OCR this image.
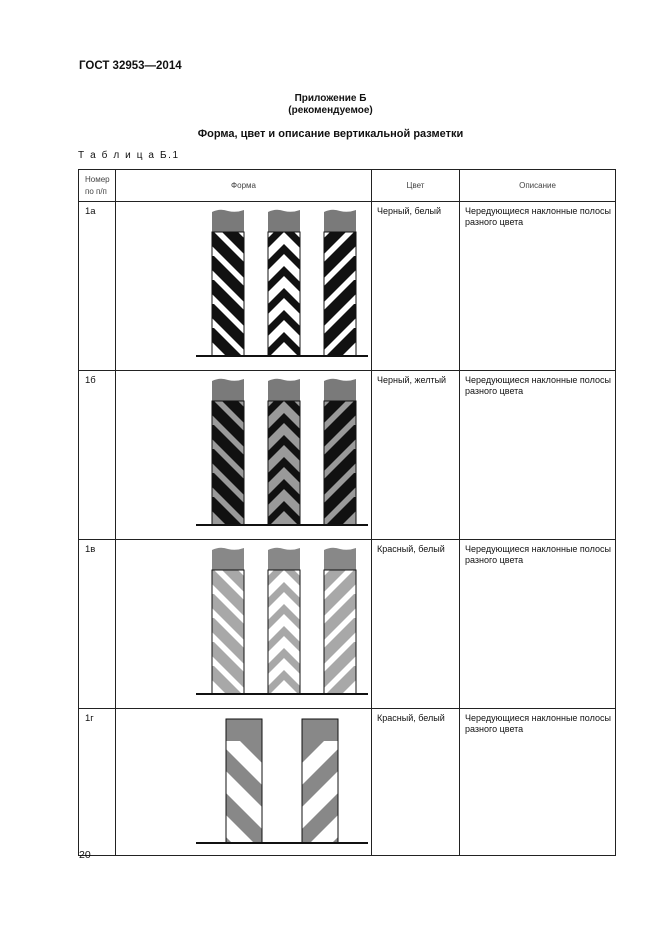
ГОСТ 32953—2014
Приложение Б
(рекомендуемое)
Форма, цвет и описание вертикальной разметки
Т а б л и ц а Б.1
Номер
по п/п	Форма	Цвет	Описание
1а		Черный, белый	Чередующиеся наклонные полосы разного цвета
1б		Черный, желтый	Чередующиеся наклонные полосы разного цвета
1в		Красный, белый	Чередующиеся наклонные полосы разного цвета
1г		Красный, белый	Чередующиеся наклонные полосы разного цвета
20
